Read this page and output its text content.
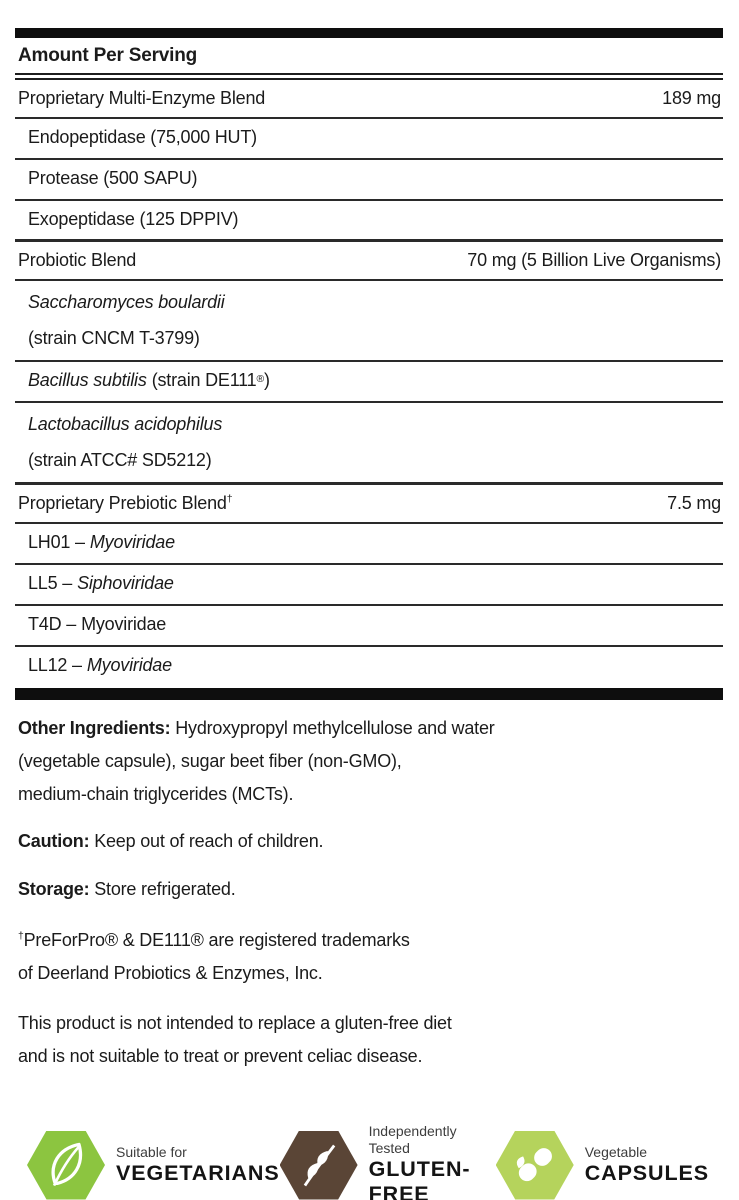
Amount Per Serving
Proprietary Multi-Enzyme Blend	189 mg
Endopeptidase (75,000 HUT)
Protease (500 SAPU)
Exopeptidase (125 DPPIV)
Probiotic Blend	70 mg (5 Billion Live Organisms)
Saccharomyces boulardii
(strain CNCM T-3799)
Bacillus subtilis (strain DE111 ® )
Lactobacillus acidophilus
(strain ATCC# SD5212)
Proprietary Prebiotic Blend†	7.5 mg
LH01 – Myoviridae
LL5 – Siphoviridae
T4D – Myoviridae
LL12 – Myoviridae
Other Ingredients: Hydroxypropyl methylcellulose and water
(vegetable capsule), sugar beet fiber (non-GMO),
medium-chain triglycerides (MCTs).
Caution: Keep out of reach of children.
Storage: Store refrigerated.
†PreForPro® & DE111® are registered trademarks
of Deerland Probiotics & Enzymes, Inc.
This product is not intended to replace a gluten-free diet
and is not suitable to treat or prevent celiac disease.
Suitable for
VEGETARIANS
Independently Tested
GLUTEN-FREE
Vegetable
CAPSULES
